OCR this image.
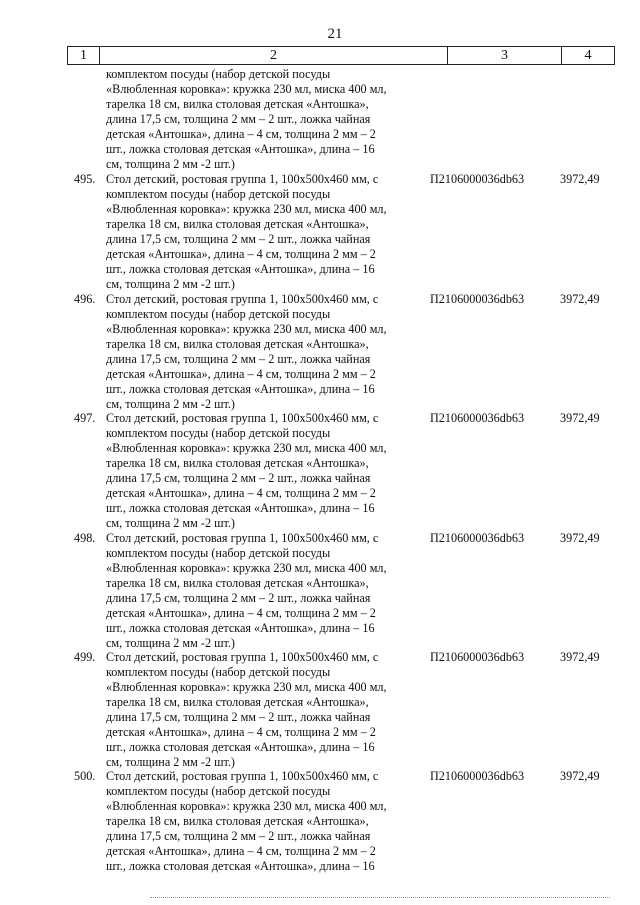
21
1	2	3	4
комплектом посуды (набор детской посуды
«Влюбленная коровка»: кружка 230 мл, миска 400 мл,
тарелка 18 см, вилка столовая детская «Антошка»,
длина 17,5 см, толщина 2 мм – 2 шт., ложка чайная
детская «Антошка», длина – 4 см, толщина 2 мм – 2
шт., ложка столовая детская «Антошка», длина – 16
см, толщина 2 мм -2 шт.)
495. Стол детский, ростовая группа 1, 100x500x460 мм, с
комплектом посуды (набор детской посуды
«Влюбленная коровка»: кружка 230 мл, миска 400 мл,
тарелка 18 см, вилка столовая детская «Антошка»,
длина 17,5 см, толщина 2 мм – 2 шт., ложка чайная
детская «Антошка», длина – 4 см, толщина 2 мм – 2
шт., ложка столовая детская «Антошка», длина – 16
см, толщина 2 мм -2 шт.)
П2106000036db63	3972,49
496. Стол детский, ростовая группа 1, 100x500x460 мм, с
комплектом посуды (набор детской посуды
«Влюбленная коровка»: кружка 230 мл, миска 400 мл,
тарелка 18 см, вилка столовая детская «Антошка»,
длина 17,5 см, толщина 2 мм – 2 шт., ложка чайная
детская «Антошка», длина – 4 см, толщина 2 мм – 2
шт., ложка столовая детская «Антошка», длина – 16
см, толщина 2 мм -2 шт.)
П2106000036db63	3972,49
497. Стол детский, ростовая группа 1, 100x500x460 мм, с
комплектом посуды (набор детской посуды
«Влюбленная коровка»: кружка 230 мл, миска 400 мл,
тарелка 18 см, вилка столовая детская «Антошка»,
длина 17,5 см, толщина 2 мм – 2 шт., ложка чайная
детская «Антошка», длина – 4 см, толщина 2 мм – 2
шт., ложка столовая детская «Антошка», длина – 16
см, толщина 2 мм -2 шт.)
П2106000036db63	3972,49
498. Стол детский, ростовая группа 1, 100x500x460 мм, с
комплектом посуды (набор детской посуды
«Влюбленная коровка»: кружка 230 мл, миска 400 мл,
тарелка 18 см, вилка столовая детская «Антошка»,
длина 17,5 см, толщина 2 мм – 2 шт., ложка чайная
детская «Антошка», длина – 4 см, толщина 2 мм – 2
шт., ложка столовая детская «Антошка», длина – 16
см, толщина 2 мм -2 шт.)
П2106000036db63	3972,49
499. Стол детский, ростовая группа 1, 100x500x460 мм, с
комплектом посуды (набор детской посуды
«Влюбленная коровка»: кружка 230 мл, миска 400 мл,
тарелка 18 см, вилка столовая детская «Антошка»,
длина 17,5 см, толщина 2 мм – 2 шт., ложка чайная
детская «Антошка», длина – 4 см, толщина 2 мм – 2
шт., ложка столовая детская «Антошка», длина – 16
см, толщина 2 мм -2 шт.)
П2106000036db63	3972,49
500. Стол детский, ростовая группа 1, 100x500x460 мм, с
комплектом посуды (набор детской посуды
«Влюбленная коровка»: кружка 230 мл, миска 400 мл,
тарелка 18 см, вилка столовая детская «Антошка»,
длина 17,5 см, толщина 2 мм – 2 шт., ложка чайная
детская «Антошка», длина – 4 см, толщина 2 мм – 2
шт., ложка столовая детская «Антошка», длина – 16
П2106000036db63	3972,49
